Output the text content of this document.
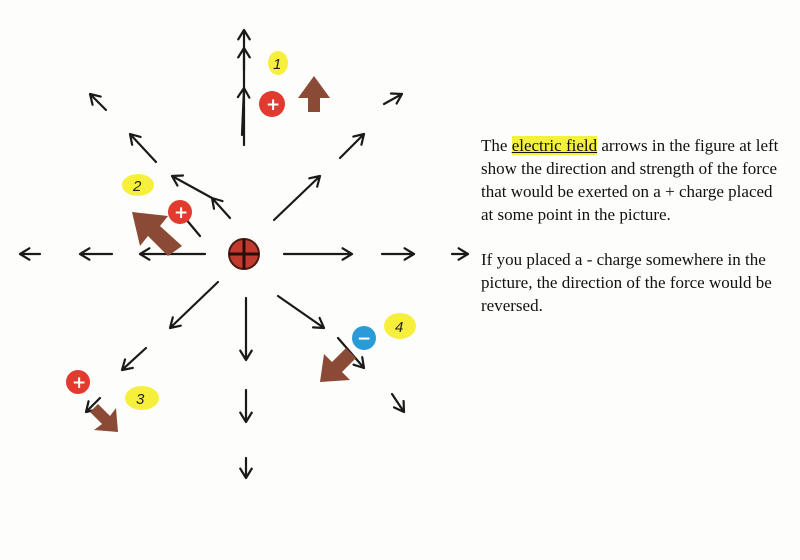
1
+
2
+
+
3
4
−

The electric field arrows in the figure at left show the direction and strength of the force that would be exerted on a + charge placed at some point in the picture.

If you placed a - charge somewhere in the picture, the direction of the force would be reversed.
